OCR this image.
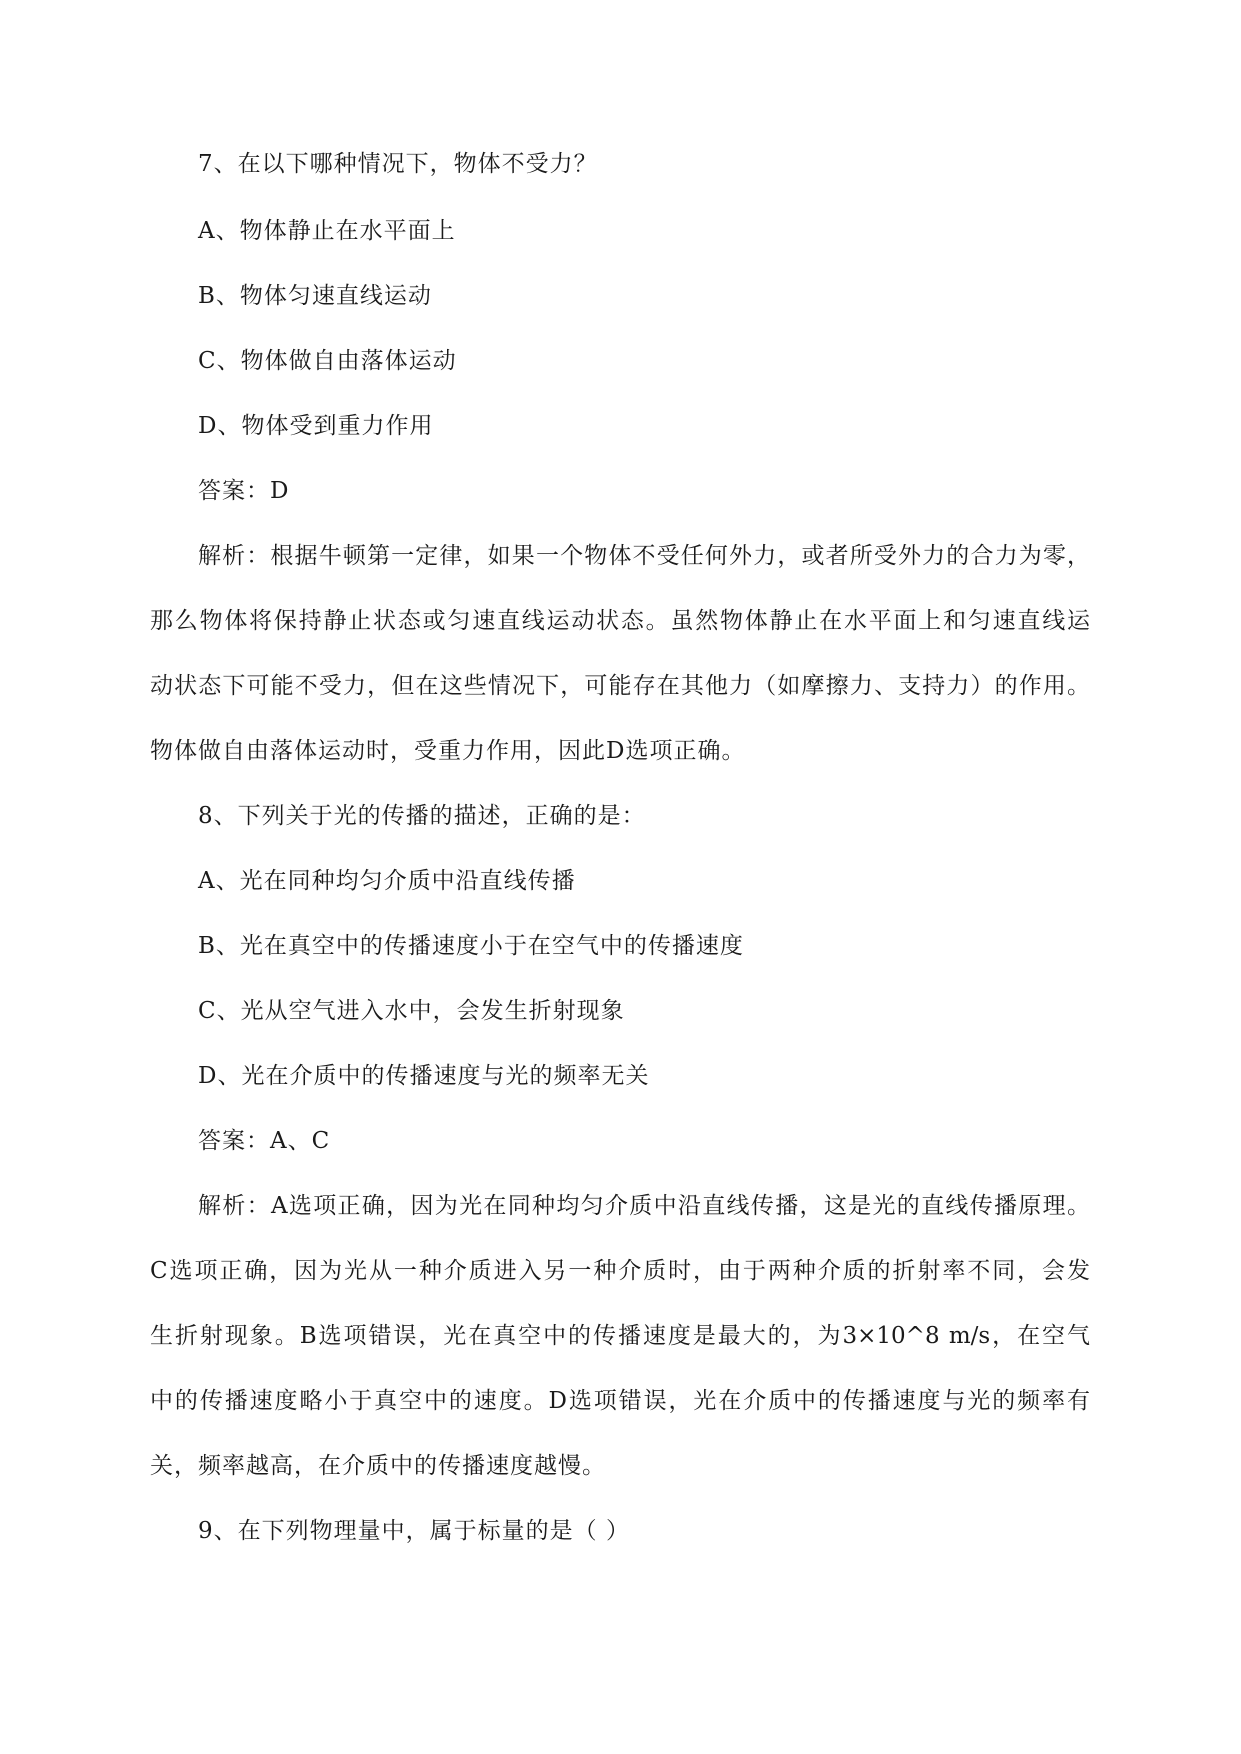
7、在以下哪种情况下，物体不受力？
A、物体静止在水平面上
B、物体匀速直线运动
C、物体做自由落体运动
D、物体受到重力作用
答案：D
解析：根据牛顿第一定律，如果一个物体不受任何外力，或者所受外力的合力为零，
那么物体将保持静止状态或匀速直线运动状态。虽然物体静止在水平面上和匀速直线运
动状态下可能不受力，但在这些情况下，可能存在其他力（如摩擦力、支持力）的作用。
物体做自由落体运动时，受重力作用，因此D选项正确。
8、下列关于光的传播的描述，正确的是：
A、光在同种均匀介质中沿直线传播
B、光在真空中的传播速度小于在空气中的传播速度
C、光从空气进入水中，会发生折射现象
D、光在介质中的传播速度与光的频率无关
答案：A、C
解析：A选项正确，因为光在同种均匀介质中沿直线传播，这是光的直线传播原理。
C选项正确，因为光从一种介质进入另一种介质时，由于两种介质的折射率不同，会发
生折射现象。B选项错误，光在真空中的传播速度是最大的，为3×10^8 m/s，在空气
中的传播速度略小于真空中的速度。D选项错误，光在介质中的传播速度与光的频率有
关，频率越高，在介质中的传播速度越慢。
9、在下列物理量中，属于标量的是（ ）
